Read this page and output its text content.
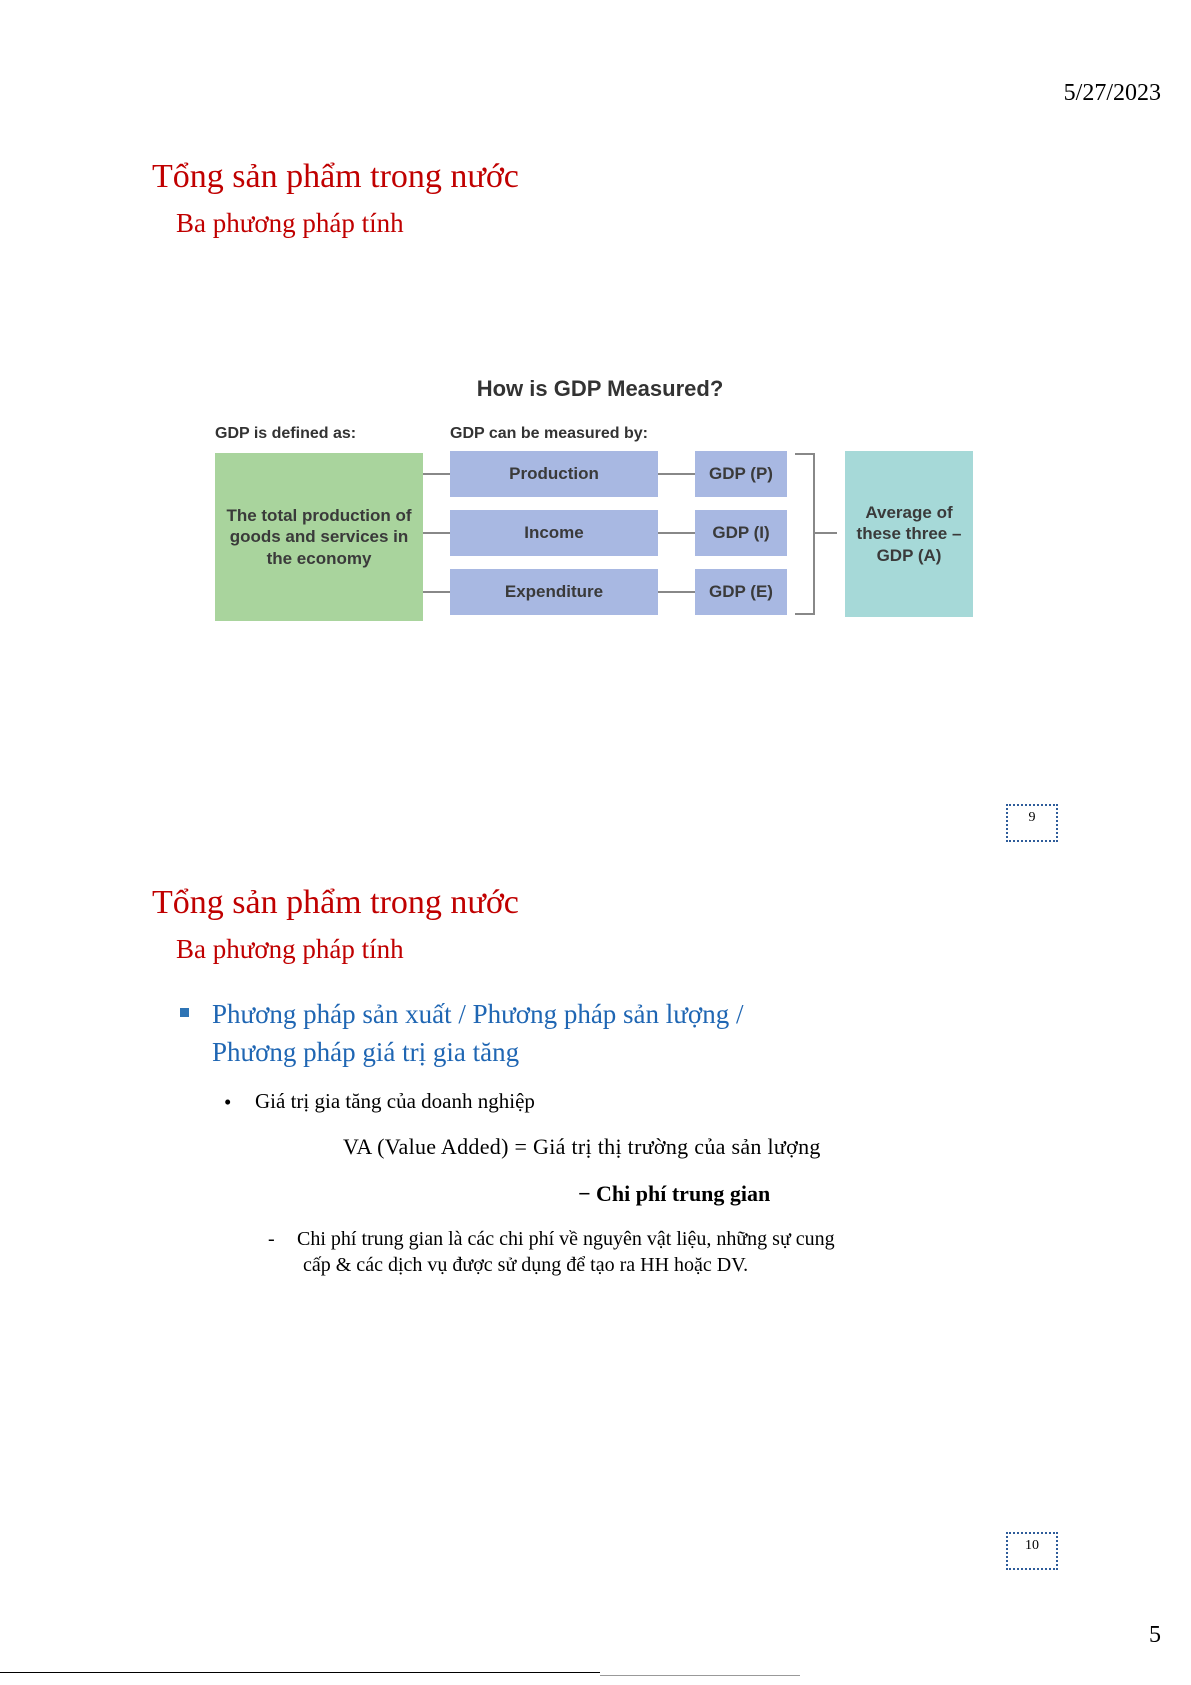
5/27/2023
Tổng sản phẩm trong nước
Ba phương pháp tính
How is GDP Measured?
GDP is defined as:	GDP can be measured by:
The total production of goods and services in the economy
Production
Income
Expenditure
GDP (P)
GDP (I)
GDP (E)
Average of these three – GDP (A)
9
Tổng sản phẩm trong nước
Ba phương pháp tính
Phương pháp sản xuất / Phương pháp sản lượng /
Phương pháp giá trị gia tăng
• Giá trị gia tăng của doanh nghiệp
VA (Value Added) = Giá trị thị trường của sản lượng
− Chi phí trung gian
- Chi phí trung gian là các chi phí về nguyên vật liệu, những sự cung
cấp & các dịch vụ được sử dụng để tạo ra HH hoặc DV.
10
5
